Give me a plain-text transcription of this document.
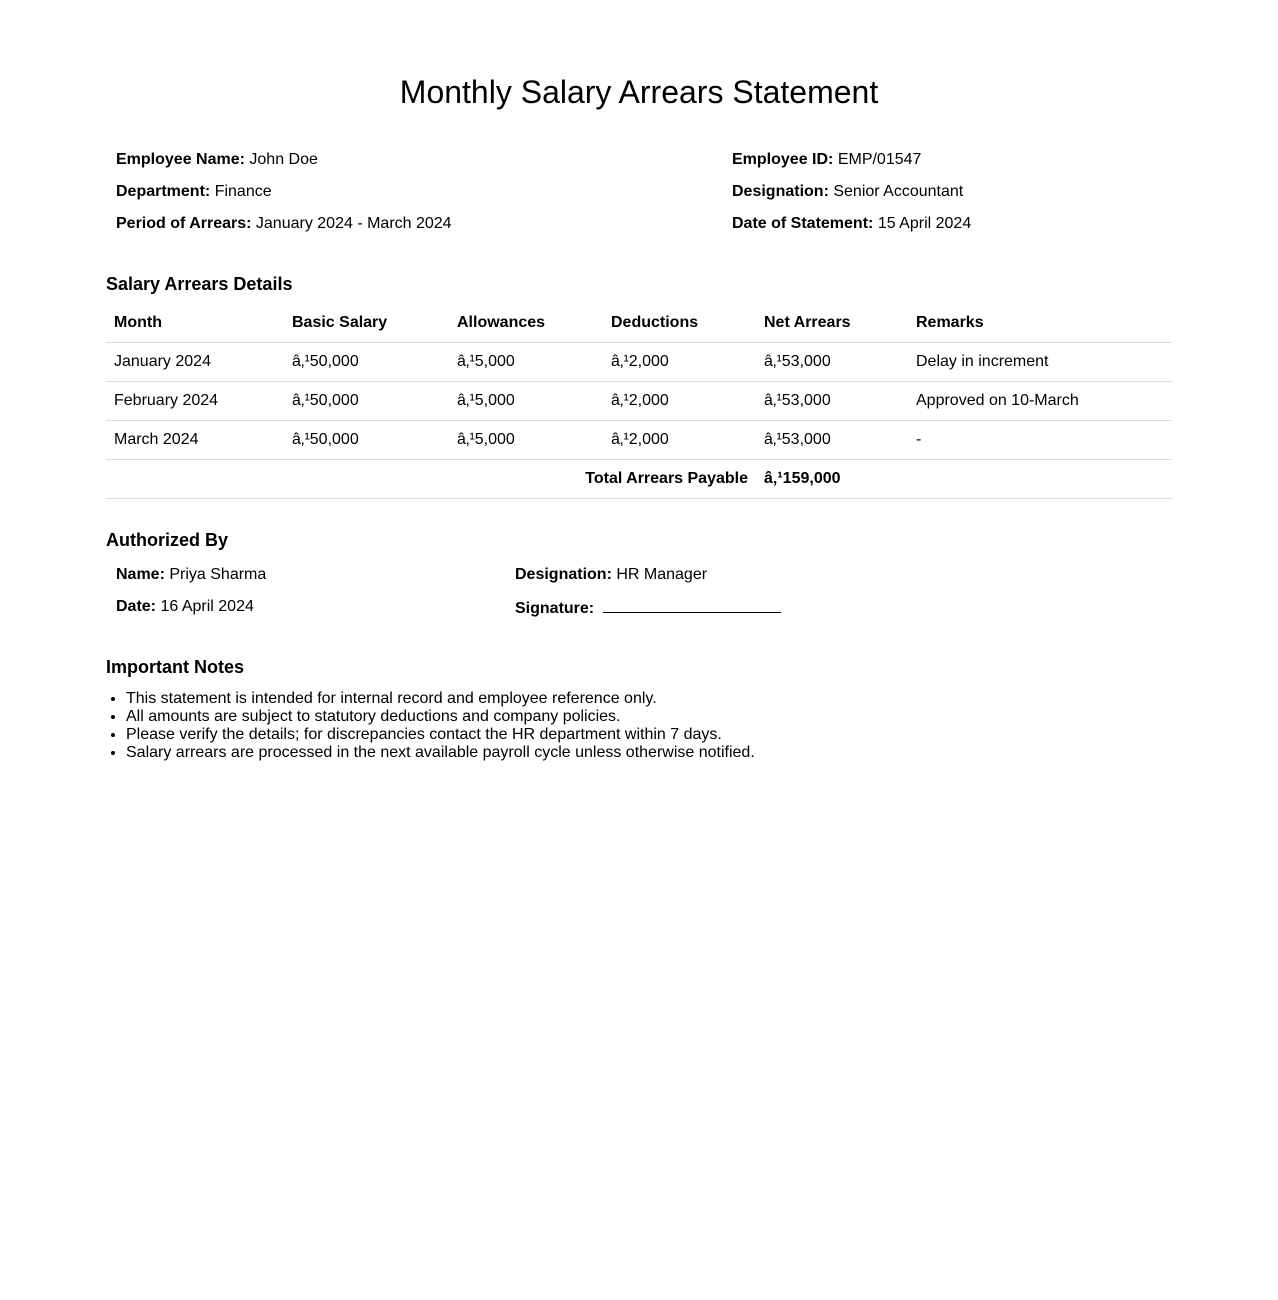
Monthly Salary Arrears Statement
Employee Name: John Doe	Employee ID: EMP/01547
Department: Finance	Designation: Senior Accountant
Period of Arrears: January 2024 - March 2024	Date of Statement: 15 April 2024
Salary Arrears Details
Month	Basic Salary	Allowances	Deductions	Net Arrears	Remarks
January 2024	â‚¹50,000	â‚¹5,000	â‚¹2,000	â‚¹53,000	Delay in increment
February 2024	â‚¹50,000	â‚¹5,000	â‚¹2,000	â‚¹53,000	Approved on 10-March
March 2024	â‚¹50,000	â‚¹5,000	â‚¹2,000	â‚¹53,000	-
Total Arrears Payable				â‚¹159,000	
Authorized By
Name: Priya Sharma	Designation: HR Manager
Date: 16 April 2024	Signature:
Important Notes
• This statement is intended for internal record and employee reference only.
• All amounts are subject to statutory deductions and company policies.
• Please verify the details; for discrepancies contact the HR department within 7 days.
• Salary arrears are processed in the next available payroll cycle unless otherwise notified.
